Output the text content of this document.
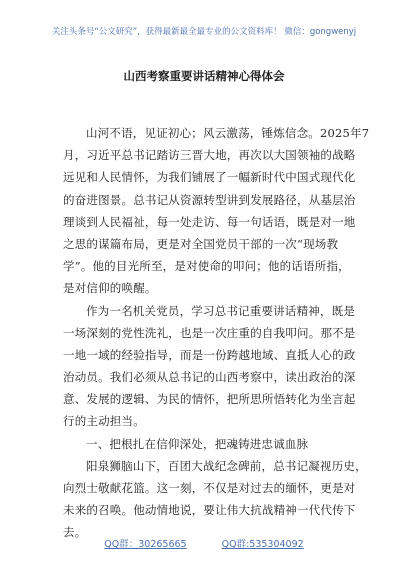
关注头条号“公文研究”，获得最新最全最专业的公文资料库！ 微信：gongwenyj
山西考察重要讲话精神心得体会
山河不语，见证初心；风云激荡，锤炼信念。2025年7
月，习近平总书记踏访三晋大地，再次以大国领袖的战略
远见和人民情怀，为我们铺展了一幅新时代中国式现代化
的奋进图景。总书记从资源转型讲到发展路径，从基层治
理谈到人民福祉，每一处走访、每一句话语，既是对一地
之思的谋篇布局，更是对全国党员干部的一次“现场教
学”。他的目光所至，是对使命的叩问；他的话语所指，
是对信仰的唤醒。
作为一名机关党员，学习总书记重要讲话精神，既是
一场深刻的党性洗礼，也是一次庄重的自我叩问。那不是
一地一域的经验指导，而是一份跨越地域、直抵人心的政
治动员。我们必须从总书记的山西考察中，读出政治的深
意、发展的逻辑、为民的情怀，把所思所悟转化为坐言起
行的主动担当。
一、把根扎在信仰深处，把魂铸进忠诚血脉
阳泉狮脑山下，百团大战纪念碑前，总书记凝视历史，
向烈士敬献花篮。这一刻，不仅是对过去的缅怀，更是对
未来的召唤。他动情地说，要让伟大抗战精神一代代传下
去。
QQ群：30265665	QQ群:535304092
